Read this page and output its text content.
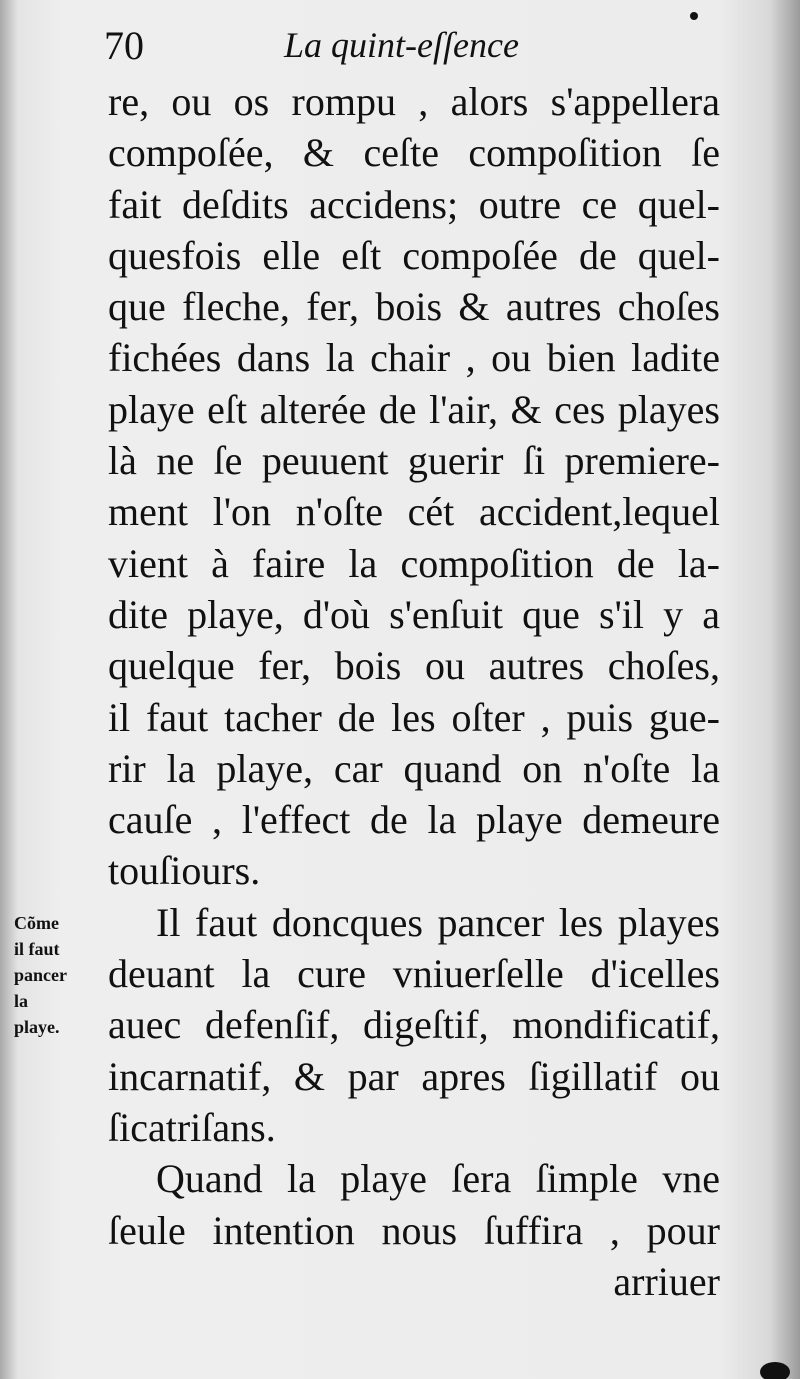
70	La quint-eſſence
re, ou os rompu , alors s'appellera
compoſée, & ceſte compoſition ſe
fait deſdits accidens; outre ce quel-
quesfois elle eſt compoſée de quel-
que fleche, fer, bois & autres choſes
fichées dans la chair , ou bien ladite
playe eſt alterée de l'air, & ces playes
là ne ſe peuuent guerir ſi premiere-
ment l'on n'oſte cét accident,lequel
vient à faire la compoſition de la-
dite playe, d'où s'enſuit que s'il y a
quelque fer, bois ou autres choſes,
il faut tacher de les oſter , puis gue-
rir la playe, car quand on n'oſte la
cauſe , l'effect de la playe demeure
touſiours.
Il faut doncques pancer les playes
deuant la cure vniuerſelle d'icelles
auec defenſif, digeſtif, mondificatif,
incarnatif, & par apres ſigillatif ou
ſicatriſans.
Quand la playe ſera ſimple vne
ſeule intention nous ſuffira , pour
arriuer
Cõme
il faut
pancer
la
playe.
